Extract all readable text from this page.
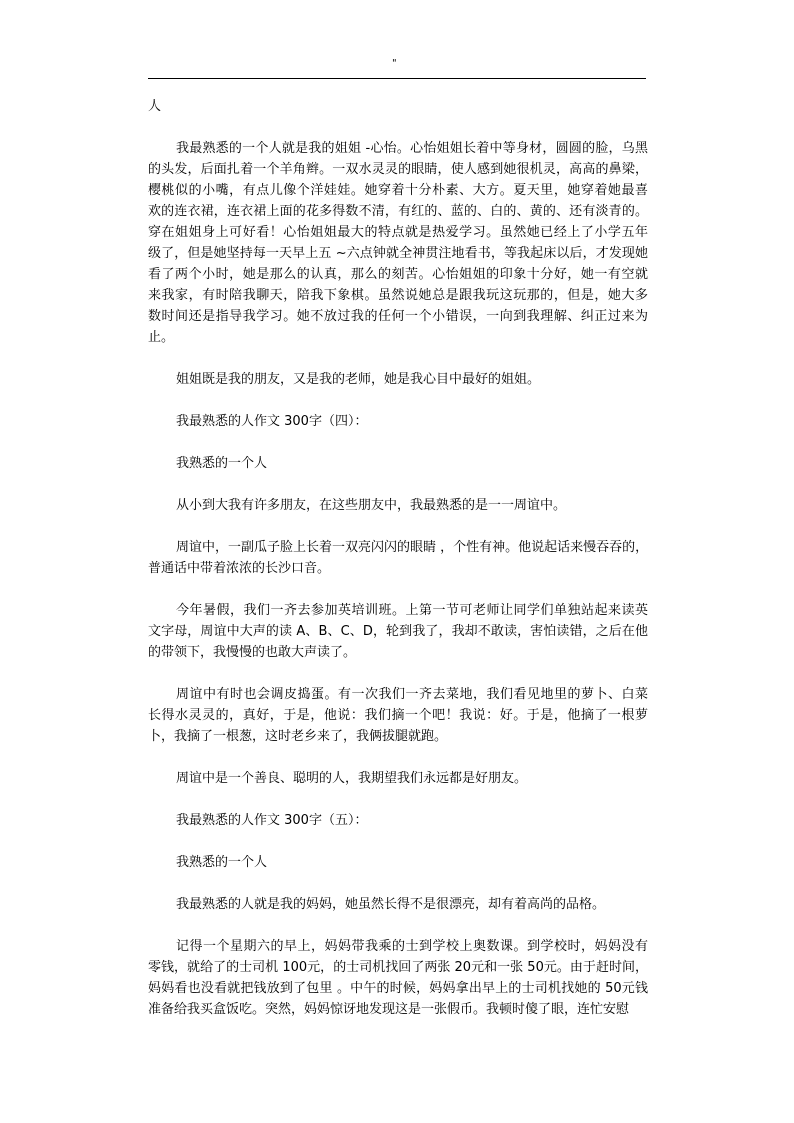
"
人
我最熟悉的一个人就是我的姐姐 -心怡。心怡姐姐长着中等身材，圆圆的脸，乌黑
的头发，后面扎着一个羊角辫。一双水灵灵的眼睛，使人感到她很机灵，高高的鼻梁，
樱桃似的小嘴，有点儿像个洋娃娃。她穿着十分朴素、大方。夏天里，她穿着她最喜
欢的连衣裙，连衣裙上面的花多得数不清，有红的、蓝的、白的、黄的、还有淡青的。
穿在姐姐身上可好看！心怡姐姐最大的特点就是热爱学习。虽然她已经上了小学五年
级了，但是她坚持每一天早上五 ~六点钟就全神贯注地看书，等我起床以后，才发现她
看了两个小时，她是那么的认真，那么的刻苦。心怡姐姐的印象十分好，她一有空就
来我家，有时陪我聊天，陪我下象棋。虽然说她总是跟我玩这玩那的，但是，她大多
数时间还是指导我学习。她不放过我的任何一个小错误，一向到我理解、纠正过来为
止。
姐姐既是我的朋友，又是我的老师，她是我心目中最好的姐姐。
我最熟悉的人作文 300字（四）：
我熟悉的一个人
从小到大我有许多朋友，在这些朋友中，我最熟悉的是一一周谊中。
周谊中，一副瓜子脸上长着一双亮闪闪的眼睛 ，个性有神。他说起话来慢吞吞的，
普通话中带着浓浓的长沙口音。
今年暑假，我们一齐去参加英培训班。上第一节可老师让同学们单独站起来读英
文字母，周谊中大声的读 A、B、C、D，轮到我了，我却不敢读，害怕读错，之后在他
的带领下，我慢慢的也敢大声读了。
周谊中有时也会调皮捣蛋。有一次我们一齐去菜地，我们看见地里的萝卜、白菜
长得水灵灵的，真好，于是，他说：我们摘一个吧！我说：好。于是，他摘了一根萝
卜，我摘了一根葱，这时老乡来了，我俩拔腿就跑。
周谊中是一个善良、聪明的人，我期望我们永远都是好朋友。
我最熟悉的人作文 300字（五）：
我熟悉的一个人
我最熟悉的人就是我的妈妈，她虽然长得不是很漂亮，却有着高尚的品格。
记得一个星期六的早上，妈妈带我乘的士到学校上奥数课。到学校时，妈妈没有
零钱，就给了的士司机 100元，的士司机找回了两张 20元和一张 50元。由于赶时间，
妈妈看也没看就把钱放到了包里 。中午的时候，妈妈拿出早上的士司机找她的 50元钱
准备给我买盒饭吃。突然，妈妈惊讶地发现这是一张假币。我顿时傻了眼，连忙安慰
